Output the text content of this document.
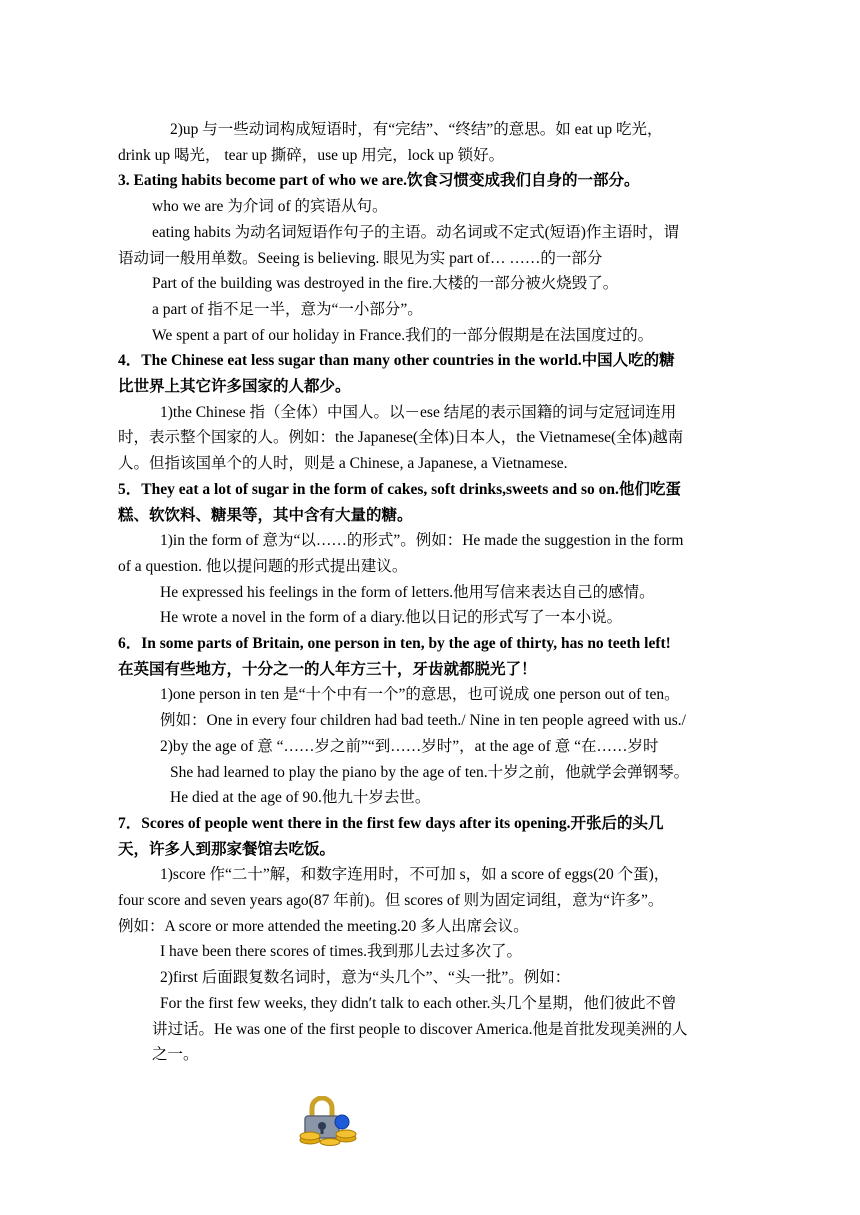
2)up 与一些动词构成短语时，有“完结”、“终结”的意思。如 eat up 吃光，
drink up 喝光， tear up 撕碎，use up 用完，lock up 锁好。
3. Eating habits become part of who we are.饮食习惯变成我们自身的一部分。
who we are 为介词 of 的宾语从句。
eating habits 为动名词短语作句子的主语。动名词或不定式(短语)作主语时，谓
语动词一般用单数。Seeing is believing. 眼见为实 part of… ……的一部分
Part of the building was destroyed in the fire.大楼的一部分被火烧毁了。
a part of 指不足一半，意为“一小部分”。
We spent a part of our holiday in France.我们的一部分假期是在法国度过的。
4．The Chinese eat less sugar than many other countries in the world.中国人吃的糖
比世界上其它许多国家的人都少。
1)the Chinese 指（全体）中国人。以－ese 结尾的表示国籍的词与定冠词连用
时，表示整个国家的人。例如：the Japanese(全体)日本人，the Vietnamese(全体)越南
人。但指该国单个的人时，则是 a Chinese, a Japanese, a Vietnamese.
5．They eat a lot of sugar in the form of cakes, soft drinks,sweets and so on.他们吃蛋
糕、软饮料、糖果等，其中含有大量的糖。
1)in the form of 意为“以……的形式”。例如：He made the suggestion in the form
of a question. 他以提问题的形式提出建议。
He expressed his feelings in the form of letters.他用写信来表达自己的感情。
He wrote a novel in the form of a diary.他以日记的形式写了一本小说。
6．In some parts of Britain, one person in ten, by the age of thirty, has no teeth left!
在英国有些地方，十分之一的人年方三十，牙齿就都脱光了！
1)one person in ten 是“十个中有一个”的意思，也可说成 one person out of ten。
例如：One in every four children had bad teeth./ Nine in ten people agreed with us./
2)by the age of 意 “……岁之前”“到……岁时”，at the age of 意 “在……岁时
She had learned to play the piano by the age of ten.十岁之前，他就学会弹钢琴。
He died at the age of 90.他九十岁去世。
7．Scores of people went there in the first few days after its opening.开张后的头几
天，许多人到那家餐馆去吃饭。
1)score 作“二十”解，和数字连用时，不可加 s，如 a score of eggs(20 个蛋)，
four score and seven years ago(87 年前)。但 scores of 则为固定词组，意为“许多”。
例如：A score or more attended the meeting.20 多人出席会议。
I have been there scores of times.我到那儿去过多次了。
2)first 后面跟复数名词时，意为“头几个”、“头一批”。例如：
For the first few weeks, they didn′t talk to each other.头几个星期，他们彼此不曾
讲过话。He was one of the first people to discover America.他是首批发现美洲的人
之一。
